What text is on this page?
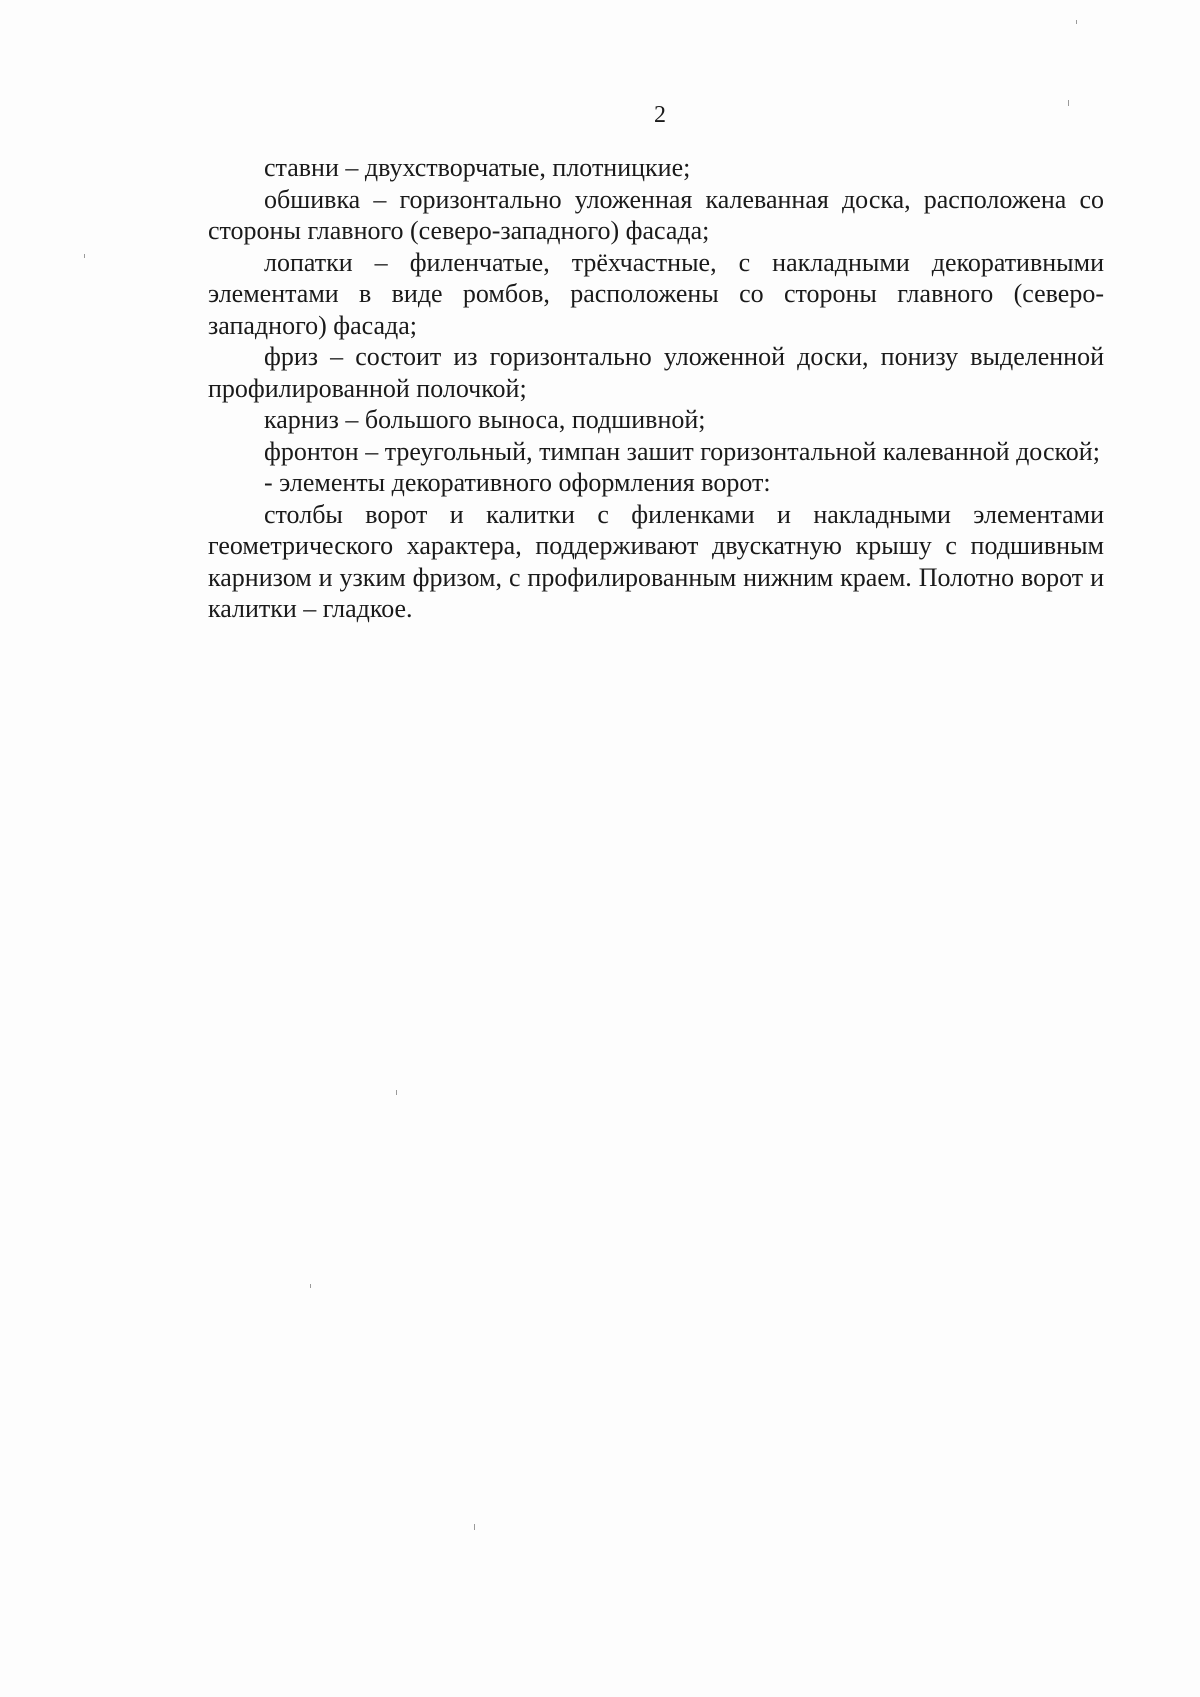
2

ставни – двухстворчатые, плотницкие;

обшивка – горизонтально уложенная калеванная доска, расположена со стороны главного (северо-западного) фасада;

лопатки – филенчатые, трёхчастные, с накладными декоративными элементами в виде ромбов, расположены со стороны главного (северо-западного) фасада;

фриз – состоит из горизонтально уложенной доски, понизу выделенной профилированной полочкой;

карниз – большого выноса, подшивной;

фронтон – треугольный, тимпан зашит горизонтальной калеванной доской;

- элементы декоративного оформления ворот:

столбы ворот и калитки с филенками и накладными элементами геометрического характера, поддерживают двускатную крышу с подшивным карнизом и узким фризом, с профилированным нижним краем. Полотно ворот и калитки – гладкое.
